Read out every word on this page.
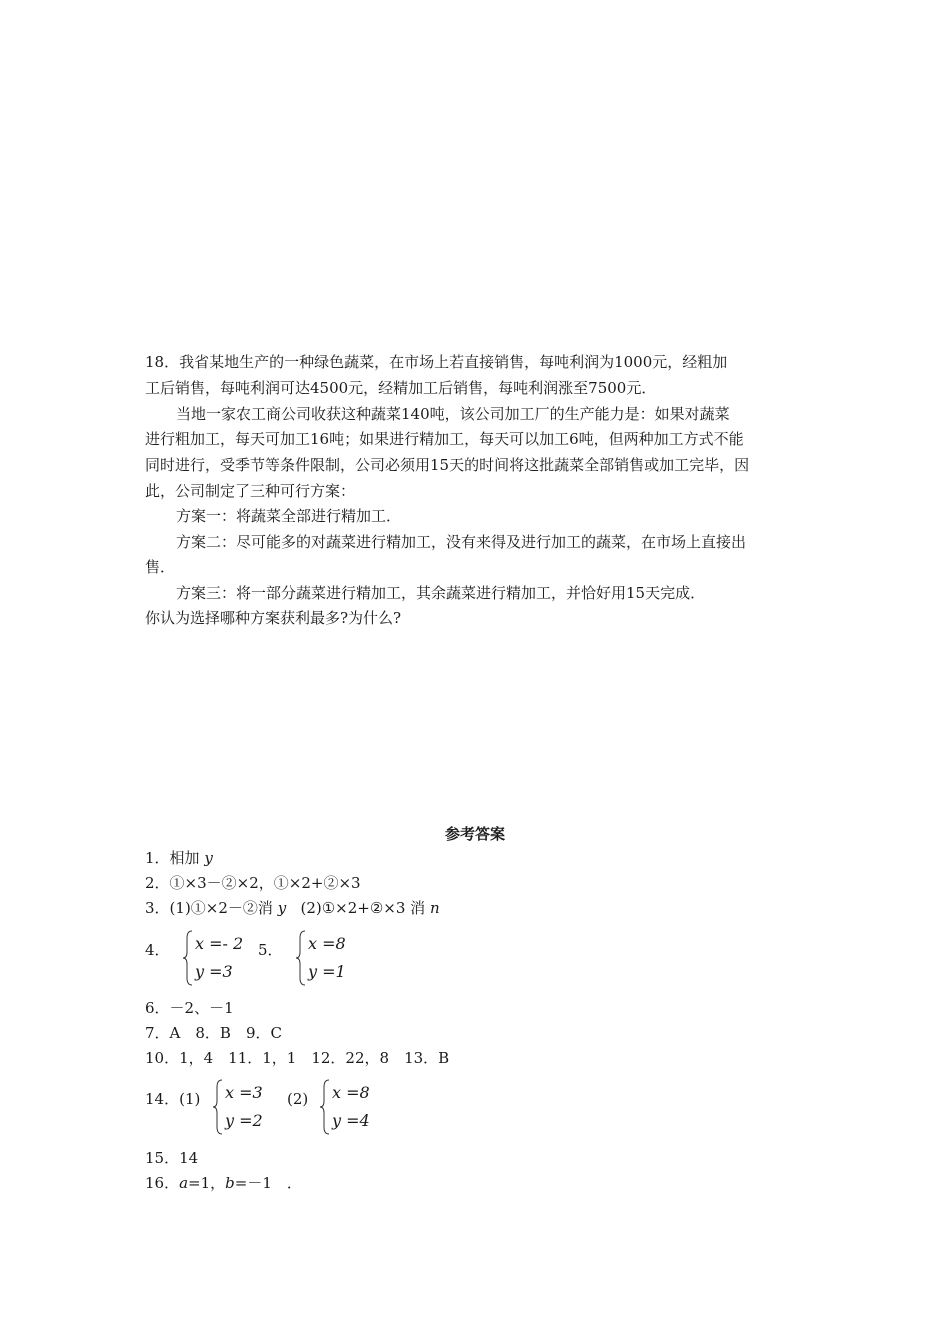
18．我省某地生产的一种绿色蔬菜，在市场上若直接销售，每吨利润为1000元，经粗加
工后销售，每吨利润可达4500元，经精加工后销售，每吨利润涨至7500元．
当地一家农工商公司收获这种蔬菜140吨，该公司加工厂的生产能力是：如果对蔬菜
进行粗加工，每天可加工16吨；如果进行精加工，每天可以加工6吨，但两种加工方式不能
同时进行，受季节等条件限制，公司必须用15天的时间将这批蔬菜全部销售或加工完毕，因
此，公司制定了三种可行方案：
方案一：将蔬菜全部进行精加工．
方案二：尽可能多的对蔬菜进行精加工，没有来得及进行加工的蔬菜，在市场上直接出
售．
方案三：将一部分蔬菜进行精加工，其余蔬菜进行精加工，并恰好用15天完成．
你认为选择哪种方案获利最多?为什么?
参考答案
1．相加 y
2．①×3－②×2，①×2+②×3
3．(1)①×2－②消 y (2)①×2+②×3 消 n
4． x =- 2
y =3
5． x =8
y =1
6．－2、－1
7．A　8．B　9．C
10．1，4　11．1，1　12．22，8　13．B
14．(1) x =3
y =2
(2) x =8
y =4
15．14
16．a=1，b=－1　．
